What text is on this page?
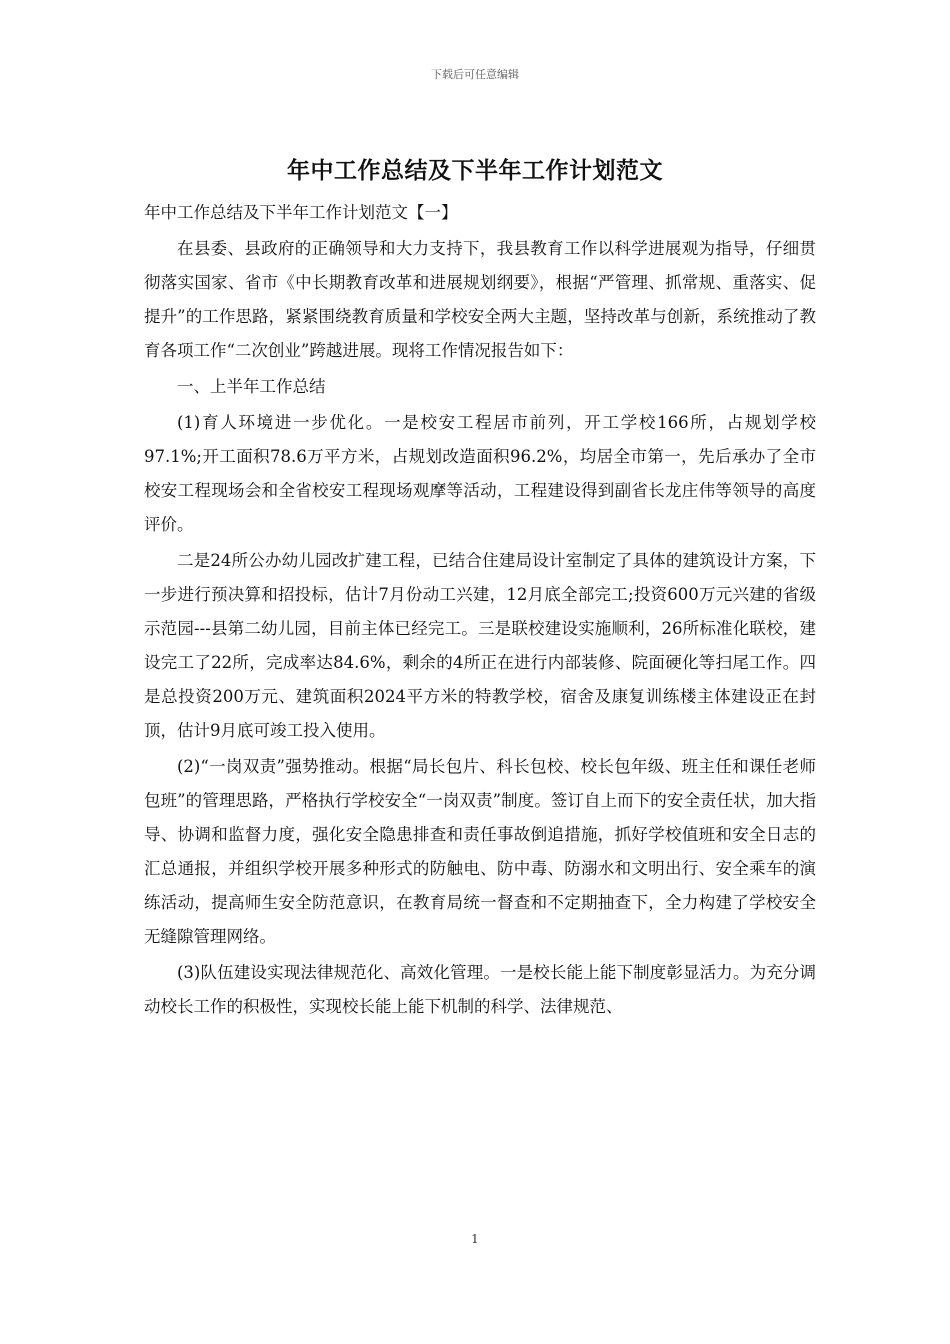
下载后可任意编辑
年中工作总结及下半年工作计划范文

年中工作总结及下半年工作计划范文【一】

在县委、县政府的正确领导和大力支持下，我县教育工作以科学进展观为指导，仔细贯彻落实国家、省市《中长期教育改革和进展规划纲要》，根据“严管理、抓常规、重落实、促提升”的工作思路，紧紧围绕教育质量和学校安全两大主题，坚持改革与创新，系统推动了教育各项工作“二次创业”跨越进展。现将工作情况报告如下：

一、上半年工作总结

(1)育人环境进一步优化。一是校安工程居市前列，开工学校166所，占规划学校97.1%;开工面积78.6万平方米，占规划改造面积96.2%，均居全市第一，先后承办了全市校安工程现场会和全省校安工程现场观摩等活动，工程建设得到副省长龙庄伟等领导的高度评价。

二是24所公办幼儿园改扩建工程，已结合住建局设计室制定了具体的建筑设计方案，下一步进行预决算和招投标，估计7月份动工兴建，12月底全部完工;投资600万元兴建的省级示范园---县第二幼儿园，目前主体已经完工。三是联校建设实施顺利，26所标准化联校，建设完工了22所，完成率达84.6%，剩余的4所正在进行内部装修、院面硬化等扫尾工作。四是总投资200万元、建筑面积2024平方米的特教学校，宿舍及康复训练楼主体建设正在封顶，估计9月底可竣工投入使用。

(2)“一岗双责”强势推动。根据“局长包片、科长包校、校长包年级、班主任和课任老师包班”的管理思路，严格执行学校安全“一岗双责”制度。签订自上而下的安全责任状，加大指导、协调和监督力度，强化安全隐患排查和责任事故倒追措施，抓好学校值班和安全日志的汇总通报，并组织学校开展多种形式的防触电、防中毒、防溺水和文明出行、安全乘车的演练活动，提高师生安全防范意识，在教育局统一督查和不定期抽查下，全力构建了学校安全无缝隙管理网络。

(3)队伍建设实现法律规范化、高效化管理。一是校长能上能下制度彰显活力。为充分调动校长工作的积极性，实现校长能上能下机制的科学、法律规范、

1
